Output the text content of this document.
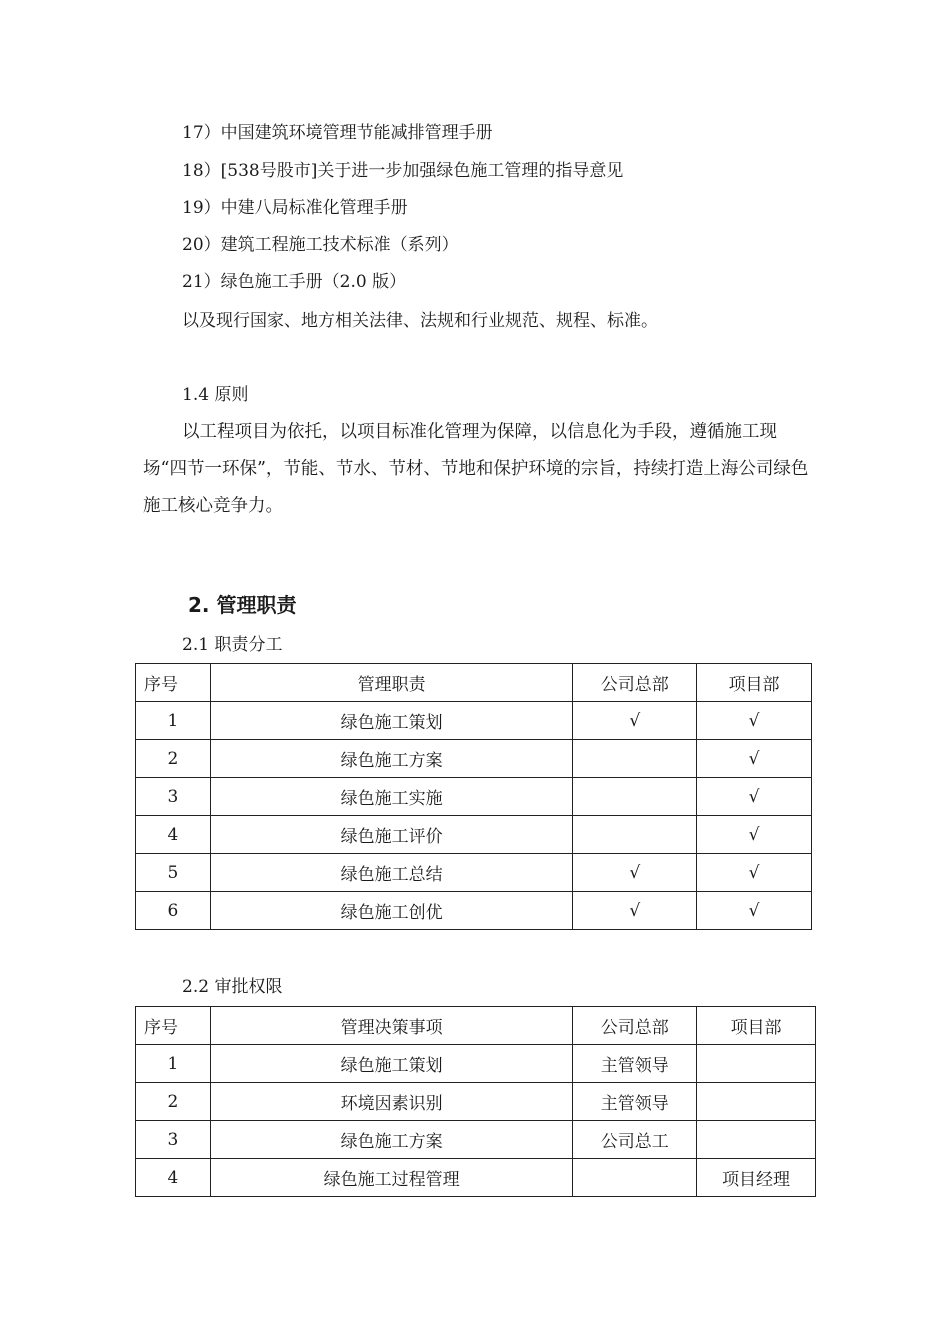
17）中国建筑环境管理节能减排管理手册
18）[538号股市]关于进一步加强绿色施工管理的指导意见
19）中建八局标准化管理手册
20）建筑工程施工技术标准（系列）
21）绿色施工手册（2.0 版）
以及现行国家、地方相关法律、法规和行业规范、规程、标准。
1.4 原则
以工程项目为依托，以项目标准化管理为保障，以信息化为手段，遵循施工现场“四节一环保”，节能、节水、节材、节地和保护环境的宗旨，持续打造上海公司绿色施工核心竞争力。
2. 管理职责
2.1 职责分工
序号	管理职责	公司总部	项目部
1	绿色施工策划	√	√
2	绿色施工方案		√
3	绿色施工实施		√
4	绿色施工评价		√
5	绿色施工总结	√	√
6	绿色施工创优	√	√
2.2 审批权限
序号	管理决策事项	公司总部	项目部
1	绿色施工策划	主管领导	
2	环境因素识别	主管领导	
3	绿色施工方案	公司总工	
4	绿色施工过程管理		项目经理
